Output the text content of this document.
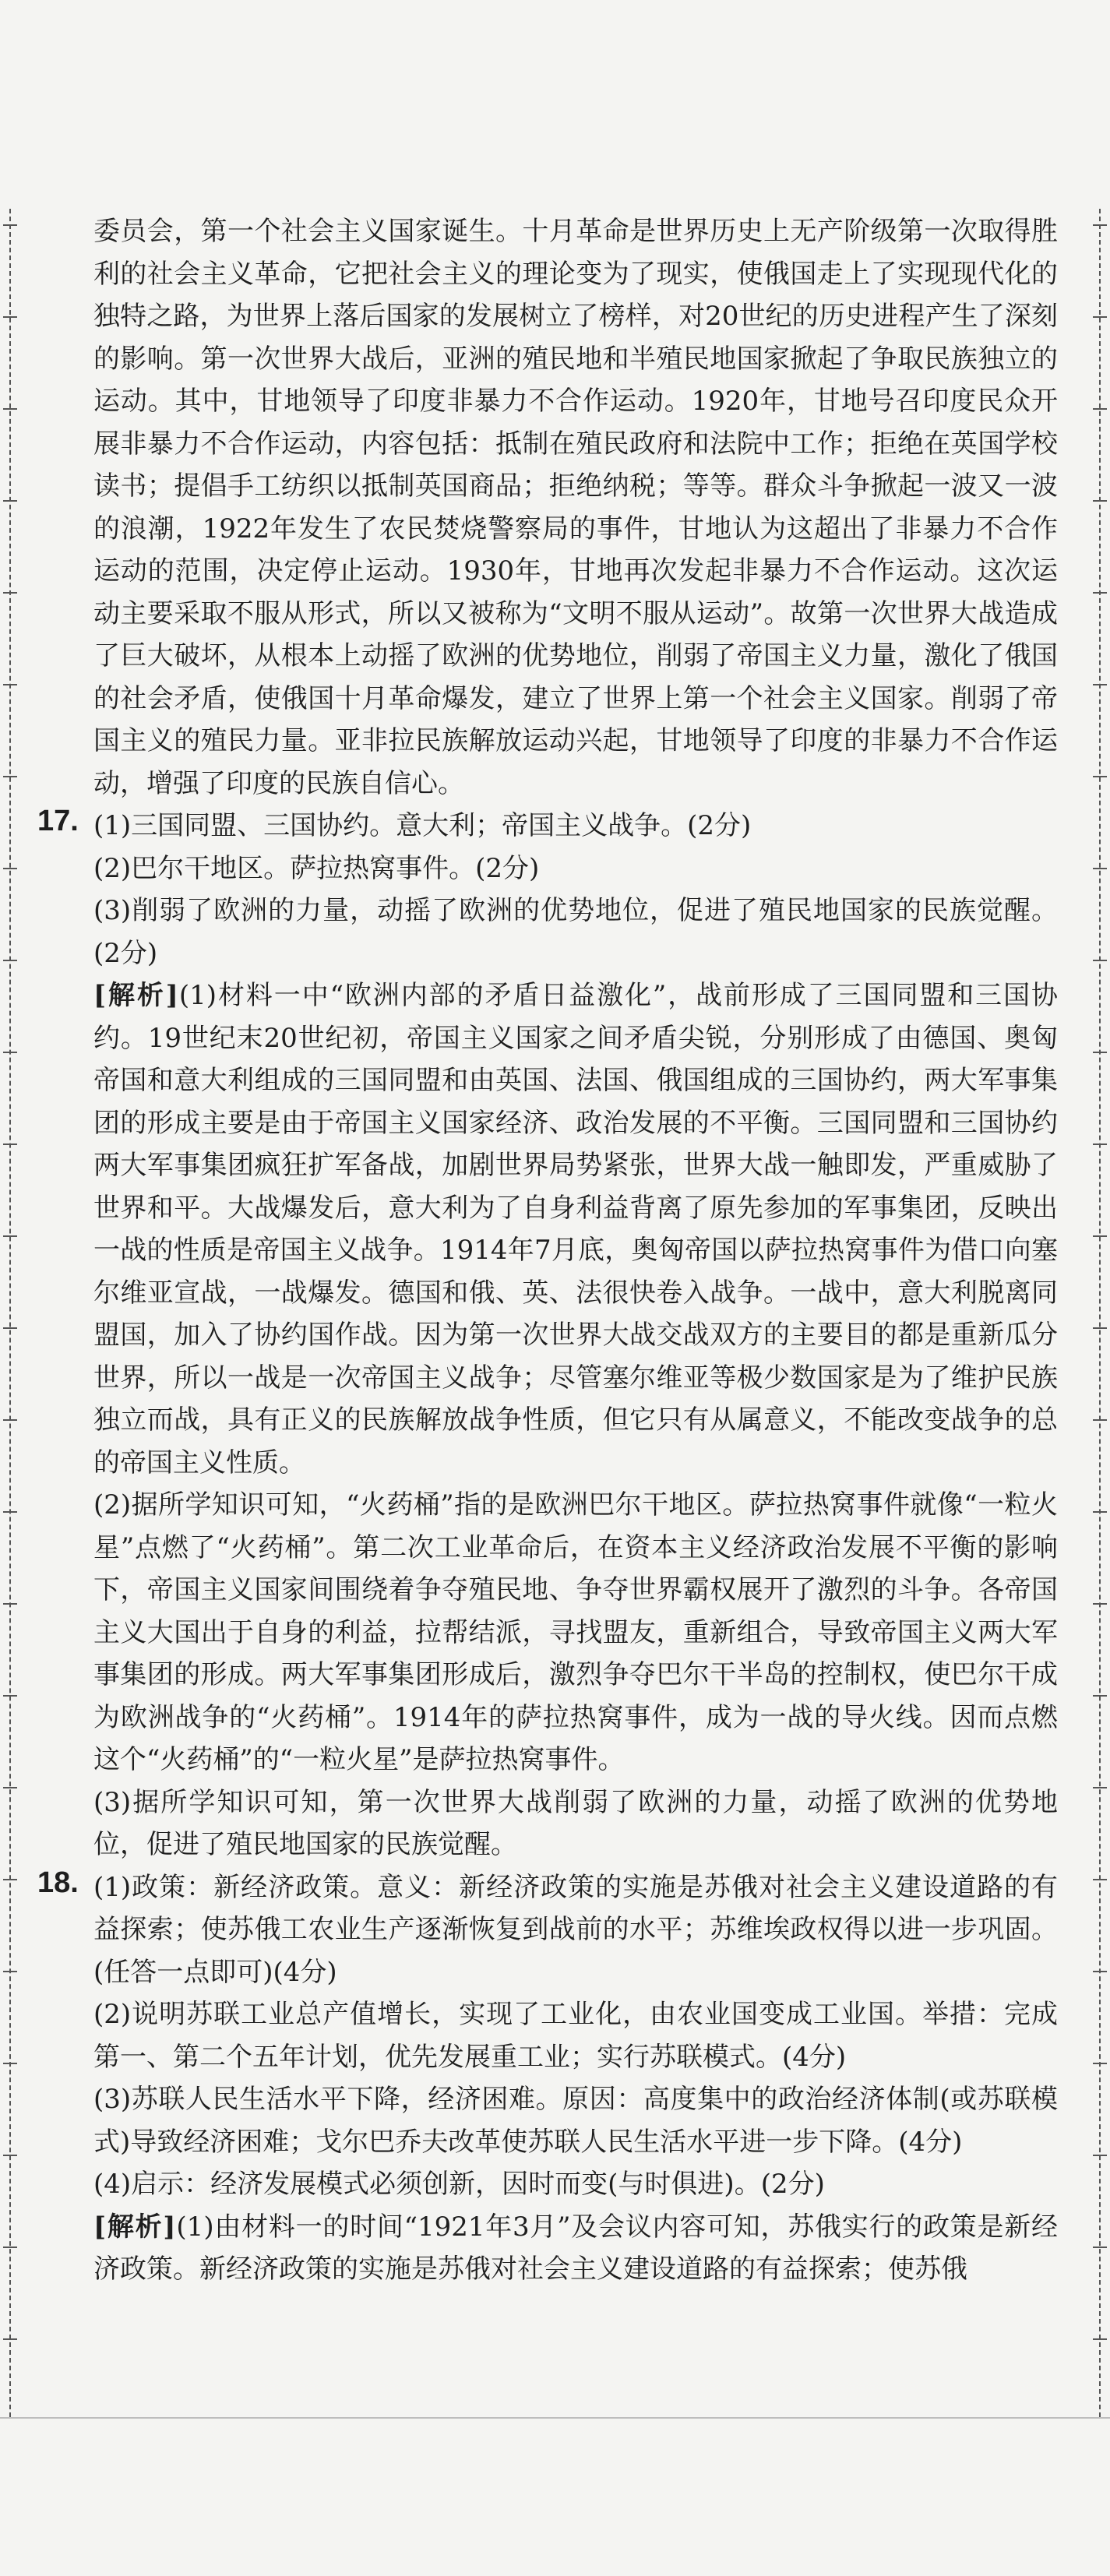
委员会，第一个社会主义国家诞生。十月革命是世界历史上无产阶级第一次取得胜利的社会主义革命，它把社会主义的理论变为了现实，使俄国走上了实现现代化的独特之路，为世界上落后国家的发展树立了榜样，对20世纪的历史进程产生了深刻的影响。第一次世界大战后，亚洲的殖民地和半殖民地国家掀起了争取民族独立的运动。其中，甘地领导了印度非暴力不合作运动。1920年，甘地号召印度民众开展非暴力不合作运动，内容包括：抵制在殖民政府和法院中工作；拒绝在英国学校读书；提倡手工纺织以抵制英国商品；拒绝纳税；等等。群众斗争掀起一波又一波的浪潮，1922年发生了农民焚烧警察局的事件，甘地认为这超出了非暴力不合作运动的范围，决定停止运动。1930年，甘地再次发起非暴力不合作运动。这次运动主要采取不服从形式，所以又被称为“文明不服从运动”。故第一次世界大战造成了巨大破坏，从根本上动摇了欧洲的优势地位，削弱了帝国主义力量，激化了俄国的社会矛盾，使俄国十月革命爆发，建立了世界上第一个社会主义国家。削弱了帝国主义的殖民力量。亚非拉民族解放运动兴起，甘地领导了印度的非暴力不合作运动，增强了印度的民族自信心。

17. (1)三国同盟、三国协约。意大利；帝国主义战争。(2分)

(2)巴尔干地区。萨拉热窝事件。(2分)

(3)削弱了欧洲的力量，动摇了欧洲的优势地位，促进了殖民地国家的民族觉醒。(2分)

[解析](1)材料一中“欧洲内部的矛盾日益激化”，战前形成了三国同盟和三国协约。19世纪末20世纪初，帝国主义国家之间矛盾尖锐，分别形成了由德国、奥匈帝国和意大利组成的三国同盟和由英国、法国、俄国组成的三国协约，两大军事集团的形成主要是由于帝国主义国家经济、政治发展的不平衡。三国同盟和三国协约两大军事集团疯狂扩军备战，加剧世界局势紧张，世界大战一触即发，严重威胁了世界和平。大战爆发后，意大利为了自身利益背离了原先参加的军事集团，反映出一战的性质是帝国主义战争。1914年7月底，奥匈帝国以萨拉热窝事件为借口向塞尔维亚宣战，一战爆发。德国和俄、英、法很快卷入战争。一战中，意大利脱离同盟国，加入了协约国作战。因为第一次世界大战交战双方的主要目的都是重新瓜分世界，所以一战是一次帝国主义战争；尽管塞尔维亚等极少数国家是为了维护民族独立而战，具有正义的民族解放战争性质，但它只有从属意义，不能改变战争的总的帝国主义性质。

(2)据所学知识可知，“火药桶”指的是欧洲巴尔干地区。萨拉热窝事件就像“一粒火星”点燃了“火药桶”。第二次工业革命后，在资本主义经济政治发展不平衡的影响下，帝国主义国家间围绕着争夺殖民地、争夺世界霸权展开了激烈的斗争。各帝国主义大国出于自身的利益，拉帮结派，寻找盟友，重新组合，导致帝国主义两大军事集团的形成。两大军事集团形成后，激烈争夺巴尔干半岛的控制权，使巴尔干成为欧洲战争的“火药桶”。1914年的萨拉热窝事件，成为一战的导火线。因而点燃这个“火药桶”的“一粒火星”是萨拉热窝事件。

(3)据所学知识可知，第一次世界大战削弱了欧洲的力量，动摇了欧洲的优势地位，促进了殖民地国家的民族觉醒。

18. (1)政策：新经济政策。意义：新经济政策的实施是苏俄对社会主义建设道路的有益探索；使苏俄工农业生产逐渐恢复到战前的水平；苏维埃政权得以进一步巩固。(任答一点即可)(4分)

(2)说明苏联工业总产值增长，实现了工业化，由农业国变成工业国。举措：完成第一、第二个五年计划，优先发展重工业；实行苏联模式。(4分)

(3)苏联人民生活水平下降，经济困难。原因：高度集中的政治经济体制(或苏联模式)导致经济困难；戈尔巴乔夫改革使苏联人民生活水平进一步下降。(4分)

(4)启示：经济发展模式必须创新，因时而变(与时俱进)。(2分)

[解析](1)由材料一的时间“1921年3月”及会议内容可知，苏俄实行的政策是新经济政策。新经济政策的实施是苏俄对社会主义建设道路的有益探索；使苏俄
